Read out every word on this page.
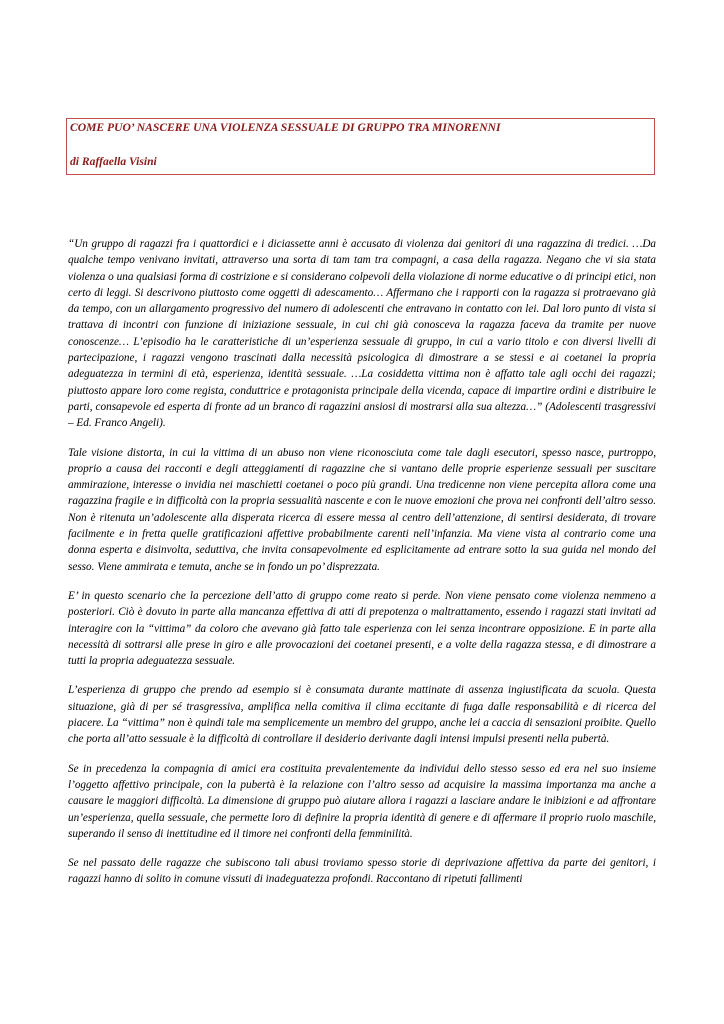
COME PUO’ NASCERE UNA VIOLENZA SESSUALE DI GRUPPO TRA MINORENNI

di Raffaella Visini

“Un gruppo di ragazzi fra i quattordici e i diciassette anni è accusato di violenza dai genitori di una ragazzina di tredici. …Da qualche tempo venivano invitati, attraverso una sorta di tam tam tra compagni, a casa della ragazza. Negano che vi sia stata violenza o una qualsiasi forma di costrizione e si considerano colpevoli della violazione di norme educative o di principi etici, non certo di leggi. Si descrivono piuttosto come oggetti di adescamento… Affermano che i rapporti con la ragazza si protraevano già da tempo, con un allargamento progressivo del numero di adolescenti che entravano in contatto con lei. Dal loro punto di vista si trattava di incontri con funzione di iniziazione sessuale, in cui chi già conosceva la ragazza faceva da tramite per nuove conoscenze… L’episodio ha le caratteristiche di un’esperienza sessuale di gruppo, in cui a vario titolo e con diversi livelli di partecipazione, i ragazzi vengono trascinati dalla necessità psicologica di dimostrare a se stessi e ai coetanei la propria adeguatezza in termini di età, esperienza, identità sessuale. …La cosiddetta vittima non è affatto tale agli occhi dei ragazzi; piuttosto appare loro come regista, conduttrice e protagonista principale della vicenda, capace di impartire ordini e distribuire le parti, consapevole ed esperta di fronte ad un branco di ragazzini ansiosi di mostrarsi alla sua altezza…” (Adolescenti trasgressivi – Ed. Franco Angeli).

Tale visione distorta, in cui la vittima di un abuso non viene riconosciuta come tale dagli esecutori, spesso nasce, purtroppo, proprio a causa dei racconti e degli atteggiamenti di ragazzine che si vantano delle proprie esperienze sessuali per suscitare ammirazione, interesse o invidia nei maschietti coetanei o poco più grandi. Una tredicenne non viene percepita allora come una ragazzina fragile e in difficoltà con la propria sessualità nascente e con le nuove emozioni che prova nei confronti dell’altro sesso. Non è ritenuta un’adolescente alla disperata ricerca di essere messa al centro dell’attenzione, di sentirsi desiderata, di trovare facilmente e in fretta quelle gratificazioni affettive probabilmente carenti nell’infanzia. Ma viene vista al contrario come una donna esperta e disinvolta, seduttiva, che invita consapevolmente ed esplicitamente ad entrare sotto la sua guida nel mondo del sesso. Viene ammirata e temuta, anche se in fondo un po’ disprezzata.

E’ in questo scenario che la percezione dell’atto di gruppo come reato si perde. Non viene pensato come violenza nemmeno a posteriori. Ciò è dovuto in parte alla mancanza effettiva di atti di prepotenza o maltrattamento, essendo i ragazzi stati invitati ad interagire con la “vittima” da coloro che avevano già fatto tale esperienza con lei senza incontrare opposizione. E in parte alla necessità di sottrarsi alle prese in giro e alle provocazioni dei coetanei presenti, e a volte della ragazza stessa, e di dimostrare a tutti la propria adeguatezza sessuale.

L’esperienza di gruppo che prendo ad esempio si è consumata durante mattinate di assenza ingiustificata da scuola. Questa situazione, già di per sé trasgressiva, amplifica nella comitiva il clima eccitante di fuga dalle responsabilità e di ricerca del piacere. La “vittima” non è quindi tale ma semplicemente un membro del gruppo, anche lei a caccia di sensazioni proibite. Quello che porta all’atto sessuale è la difficoltà di controllare il desiderio derivante dagli intensi impulsi presenti nella pubertà.

Se in precedenza la compagnia di amici era costituita prevalentemente da individui dello stesso sesso ed era nel suo insieme l’oggetto affettivo principale, con la pubertà è la relazione con l’altro sesso ad acquisire la massima importanza ma anche a causare le maggiori difficoltà. La dimensione di gruppo può aiutare allora i ragazzi a lasciare andare le inibizioni e ad affrontare un’esperienza, quella sessuale, che permette loro di definire la propria identità di genere e di affermare il proprio ruolo maschile, superando il senso di inettitudine ed il timore nei confronti della femminilità.

Se nel passato delle ragazze che subiscono tali abusi troviamo spesso storie di deprivazione affettiva da parte dei genitori, i ragazzi hanno di solito in comune vissuti di inadeguatezza profondi. Raccontano di ripetuti fallimenti
